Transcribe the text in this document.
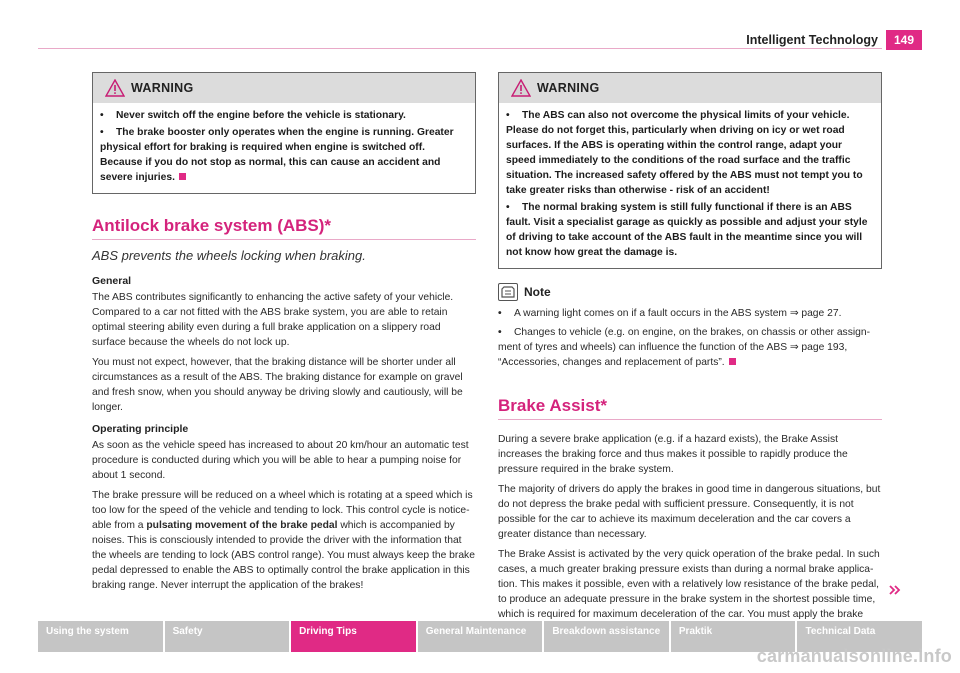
Intelligent Technology	149
WARNING
• Never switch off the engine before the vehicle is stationary.
• The brake booster only operates when the engine is running. Greater physical effort for braking is required when engine is switched off. Because if you do not stop as normal, this can cause an accident and severe injuries.
Antilock brake system (ABS)*
ABS prevents the wheels locking when braking.
General

The ABS contributes significantly to enhancing the active safety of your vehicle. Compared to a car not fitted with the ABS brake system, you are able to retain optimal steering ability even during a full brake application on a slippery road surface because the wheels do not lock up.

You must not expect, however, that the braking distance will be shorter under all circumstances as a result of the ABS. The braking distance for example on gravel and fresh snow, when you should anyway be driving slowly and cautiously, will be longer.

Operating principle

As soon as the vehicle speed has increased to about 20 km/hour an automatic test procedure is conducted during which you will be able to hear a pumping noise for about 1 second.

The brake pressure will be reduced on a wheel which is rotating at a speed which is too low for the speed of the vehicle and tending to lock. This control cycle is notice-able from a pulsating movement of the brake pedal which is accompanied by noises. This is consciously intended to provide the driver with the information that the wheels are tending to lock (ABS control range). You must always keep the brake pedal depressed to enable the ABS to optimally control the brake application in this braking range. Never interrupt the application of the brakes!

WARNING
• The ABS can also not overcome the physical limits of your vehicle. Please do not forget this, particularly when driving on icy or wet road surfaces. If the ABS is operating within the control range, adapt your speed immediately to the conditions of the road surface and the traffic situation. The increased safety offered by the ABS must not tempt you to take greater risks than otherwise - risk of an accident!
• The normal braking system is still fully functional if there is an ABS fault. Visit a specialist garage as quickly as possible and adjust your style of driving to take account of the ABS fault in the meantime since you will not know how great the damage is.
Note
• A warning light comes on if a fault occurs in the ABS system ⇒ page 27.
• Changes to vehicle (e.g. on engine, on the brakes, on chassis or other assign-ment of tyres and wheels) can influence the function of the ABS ⇒ page 193, “Accessories, changes and replacement of parts”.
Brake Assist*

During a severe brake application (e.g. if a hazard exists), the Brake Assist increases the braking force and thus makes it possible to rapidly produce the pressure required in the brake system.

The majority of drivers do apply the brakes in good time in dangerous situations, but do not depress the brake pedal with sufficient pressure. Consequently, it is not possible for the car to achieve its maximum deceleration and the car covers a greater distance than necessary.

The Brake Assist is activated by the very quick operation of the brake pedal. In such cases, a much greater braking pressure exists than during a normal brake applica-tion. This makes it possible, even with a relatively low resistance of the brake pedal, to produce an adequate pressure in the brake system in the shortest possible time, which is required for maximum deceleration of the car. You must apply the brake

Using the system	Safety	Driving Tips	General Maintenance	Breakdown assistance	Praktik	Technical Data
carmanualsonline.info
